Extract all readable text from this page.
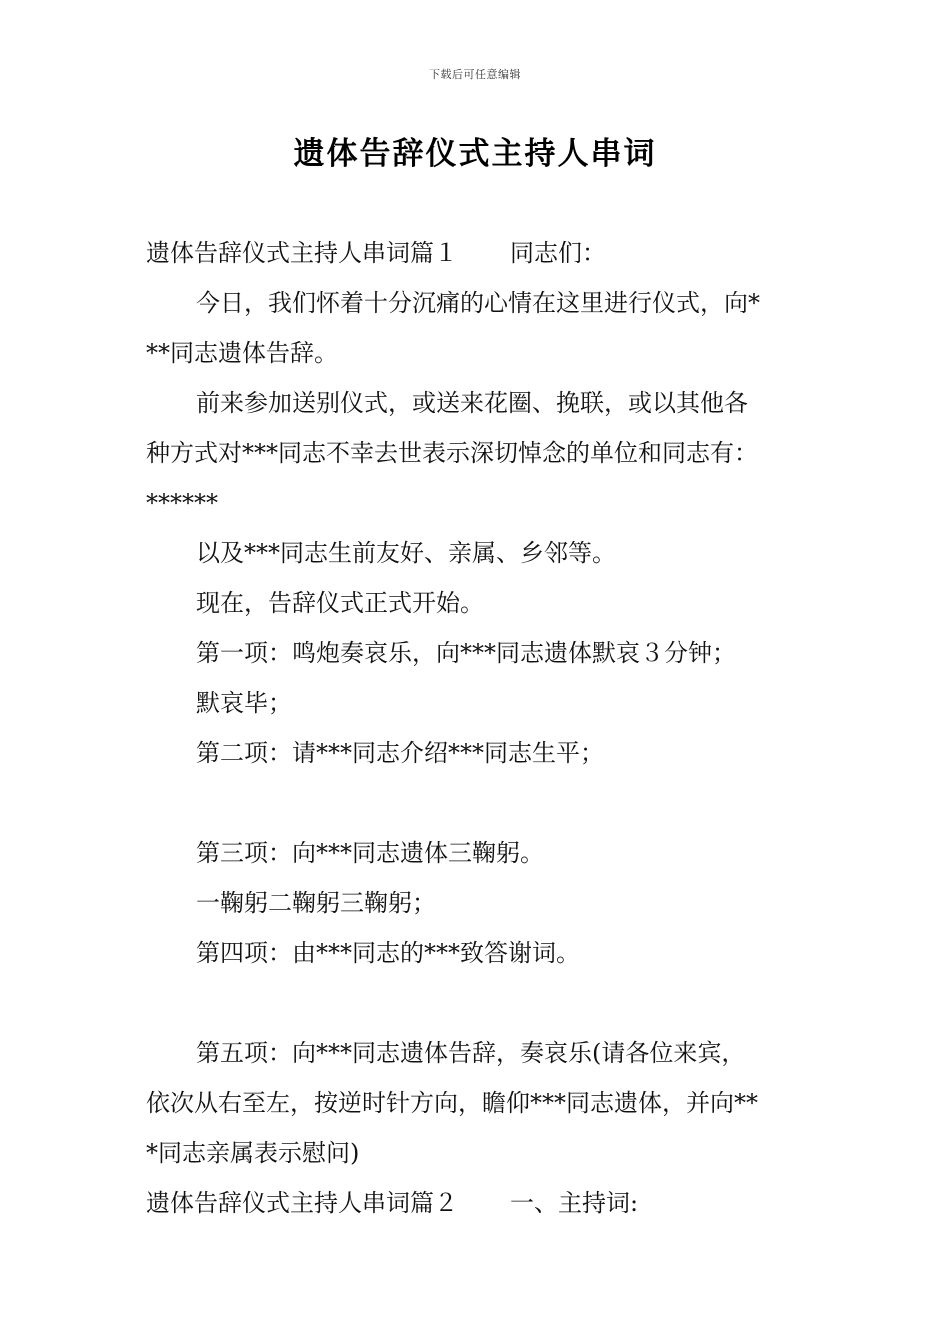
下载后可任意编辑
遗体告辞仪式主持人串词
遗体告辞仪式主持人串词篇１ 同志们：
今日，我们怀着十分沉痛的心情在这里进行仪式，向*
**同志遗体告辞。
前来参加送别仪式，或送来花圈、挽联，或以其他各
种方式对***同志不幸去世表示深切悼念的单位和同志有：
******
以及***同志生前友好、亲属、乡邻等。
现在，告辞仪式正式开始。
第一项：鸣炮奏哀乐，向***同志遗体默哀３分钟；
默哀毕；
第二项：请***同志介绍***同志生平；
第三项：向***同志遗体三鞠躬。
一鞠躬二鞠躬三鞠躬；
第四项：由***同志的***致答谢词。
第五项：向***同志遗体告辞，奏哀乐(请各位来宾，
依次从右至左，按逆时针方向，瞻仰***同志遗体，并向**
*同志亲属表示慰问)
遗体告辞仪式主持人串词篇２ 一、主持词:
